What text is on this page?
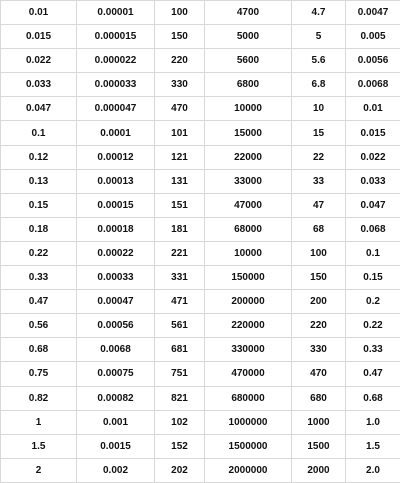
0.01	0.00001	100	4700	4.7	0.0047
0.015	0.000015	150	5000	5	0.005
0.022	0.000022	220	5600	5.6	0.0056
0.033	0.000033	330	6800	6.8	0.0068
0.047	0.000047	470	10000	10	0.01
0.1	0.0001	101	15000	15	0.015
0.12	0.00012	121	22000	22	0.022
0.13	0.00013	131	33000	33	0.033
0.15	0.00015	151	47000	47	0.047
0.18	0.00018	181	68000	68	0.068
0.22	0.00022	221	10000	100	0.1
0.33	0.00033	331	150000	150	0.15
0.47	0.00047	471	200000	200	0.2
0.56	0.00056	561	220000	220	0.22
0.68	0.0068	681	330000	330	0.33
0.75	0.00075	751	470000	470	0.47
0.82	0.00082	821	680000	680	0.68
1	0.001	102	1000000	1000	1.0
1.5	0.0015	152	1500000	1500	1.5
2	0.002	202	2000000	2000	2.0
